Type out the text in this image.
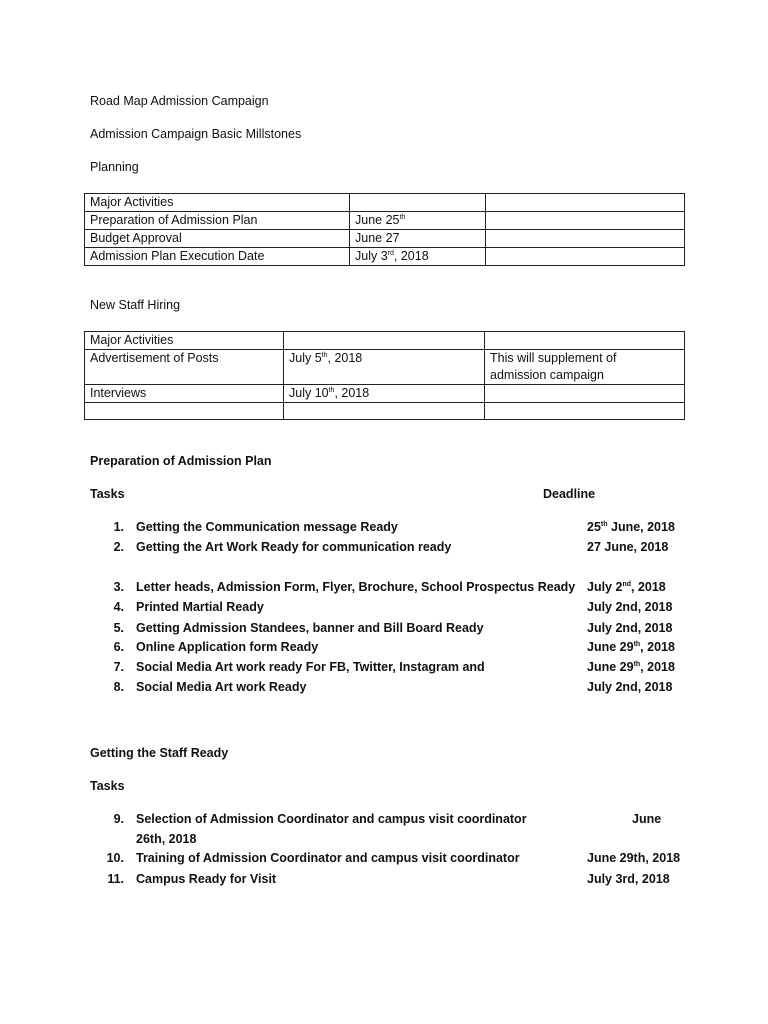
Road Map Admission Campaign
Admission Campaign Basic Millstones
Planning
Major Activities		
Preparation of Admission Plan	June 25th	
Budget Approval	June 27	
Admission Plan Execution Date	July 3rd, 2018	
New Staff Hiring
Major Activities		
Advertisement of Posts	July 5th, 2018	This will supplement of
admission campaign

Interviews	July 10th, 2018	

Preparation of Admission Plan
Tasks	Deadline
1. Getting the Communication message Ready	25th June, 2018
2. Getting the Art Work Ready for communication ready	27 June, 2018
3. Letter heads, Admission Form, Flyer, Brochure, School Prospectus Ready July 2nd, 2018
4. Printed Martial Ready	July 2nd, 2018
5. Getting Admission Standees, banner and Bill Board Ready	July 2nd, 2018
6. Online Application form Ready	June 29th, 2018
7. Social Media Art work ready For FB, Twitter, Instagram and	June 29th, 2018
8. Social Media Art work Ready	July 2nd, 2018
Getting the Staff Ready
Tasks
9. Selection of Admission Coordinator and campus visit coordinator	June
26th, 2018
10. Training of Admission Coordinator and campus visit coordinator	June 29th, 2018
11. Campus Ready for Visit	July 3rd, 2018
